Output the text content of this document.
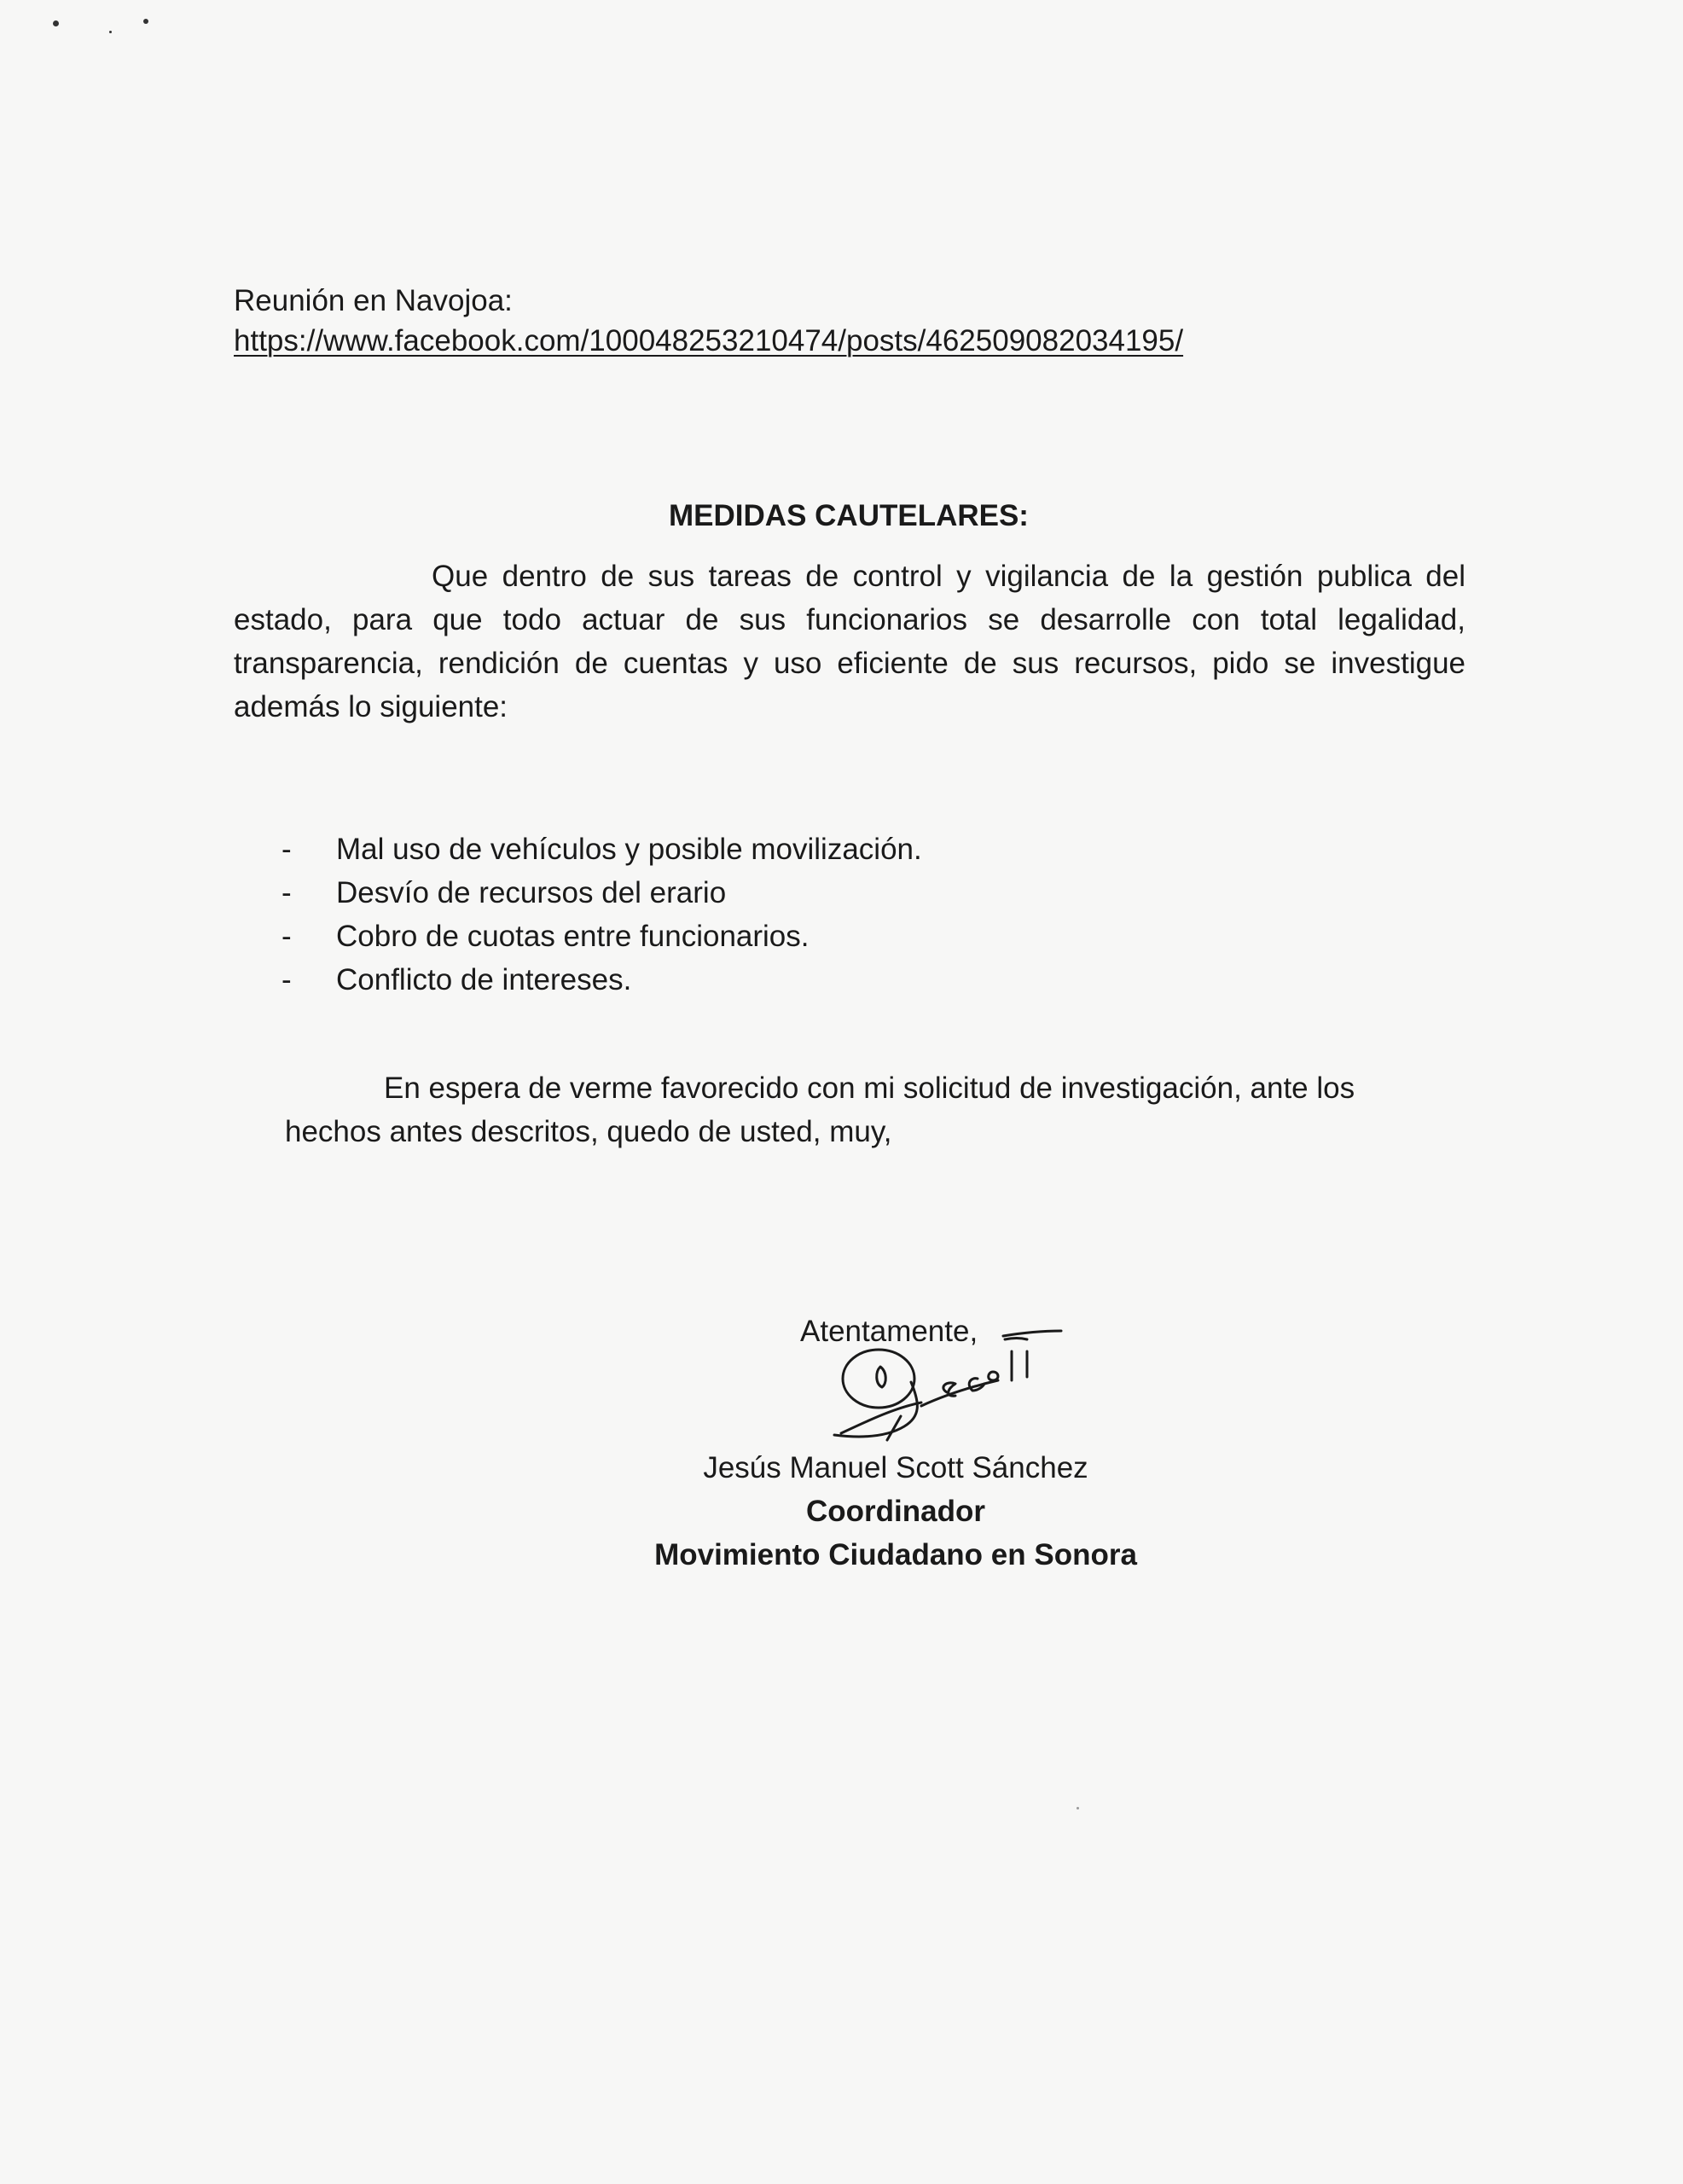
Reunión en Navojoa:
https://www.facebook.com/100048253210474/posts/462509082034195/
MEDIDAS CAUTELARES:
Que dentro de sus tareas de control y vigilancia de la gestión publica del estado, para que todo actuar de sus funcionarios se desarrolle con total legalidad, transparencia, rendición de cuentas y uso eficiente de sus recursos, pido se investigue además lo siguiente:
- Mal uso de vehículos y posible movilización.
- Desvío de recursos del erario
- Cobro de cuotas entre funcionarios.
- Conflicto de intereses.
En espera de verme favorecido con mi solicitud de investigación, ante los hechos antes descritos, quedo de usted, muy,
Atentamente,
Jesús Manuel Scott Sánchez
Coordinador
Movimiento Ciudadano en Sonora
